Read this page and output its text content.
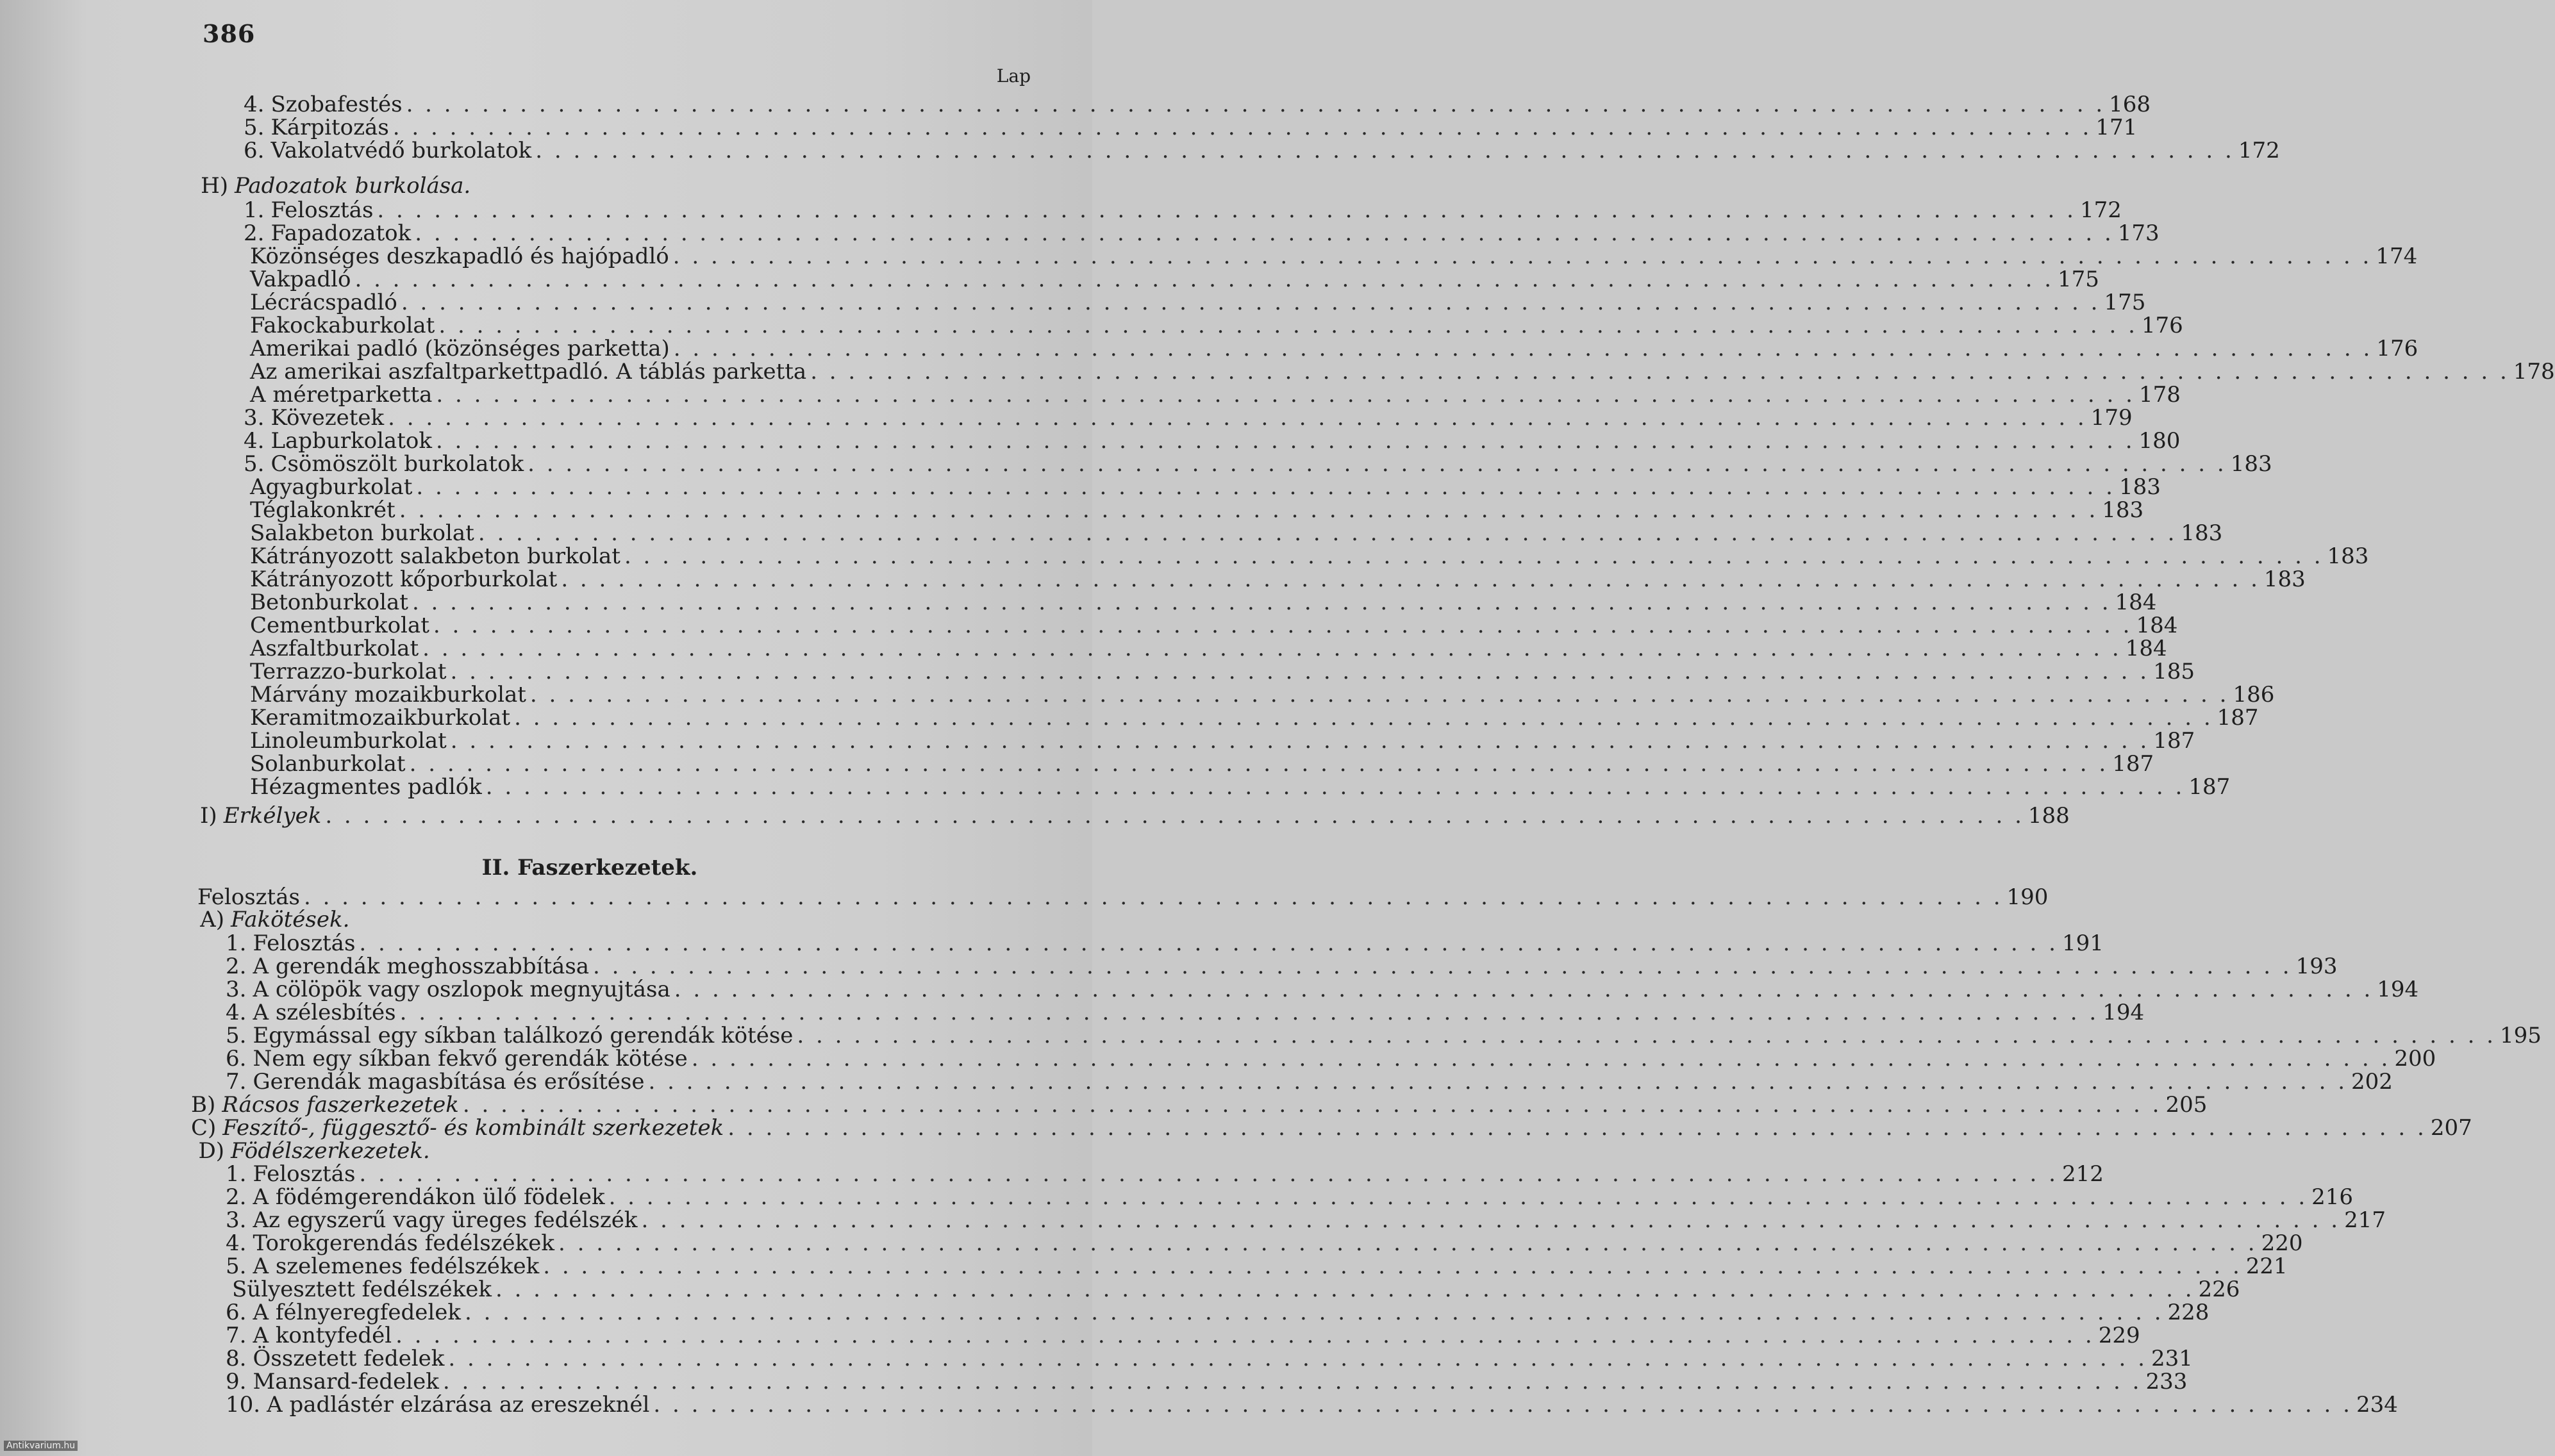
386
Lap
4. Szobafestés . . . . . . . . . . . . . . . . . . . . . . . . . . . . . . . . . . . . . . . . . . . . . . . . . . . . . . . . . . . . . . . . . . . . . . . . . . . . . . . . . . . . . . . . . . 168
5. Kárpitozás . . . . . . . . . . . . . . . . . . . . . . . . . . . . . . . . . . . . . . . . . . . . . . . . . . . . . . . . . . . . . . . . . . . . . . . . . . . . . . . . . . . . . . . . . . 171
6. Vakolatvédő burkolatok . . . . . . . . . . . . . . . . . . . . . . . . . . . . . . . . . . . . . . . . . . . . . . . . . . . . . . . . . . . . . . . . . . . . . . . . . . . . . . . . . . . . . . . . . . 172
H) Padozatok burkolása.
1. Felosztás . . . . . . . . . . . . . . . . . . . . . . . . . . . . . . . . . . . . . . . . . . . . . . . . . . . . . . . . . . . . . . . . . . . . . . . . . . . . . . . . . . . . . . . . . . 172
2. Fapadozatok . . . . . . . . . . . . . . . . . . . . . . . . . . . . . . . . . . . . . . . . . . . . . . . . . . . . . . . . . . . . . . . . . . . . . . . . . . . . . . . . . . . . . . . . . . 173
Közönséges deszkapadló és hajópadló . . . . . . . . . . . . . . . . . . . . . . . . . . . . . . . . . . . . . . . . . . . . . . . . . . . . . . . . . . . . . . . . . . . . . . . . . . . . . . . . . . . . . . . . . . 174
Vakpadló . . . . . . . . . . . . . . . . . . . . . . . . . . . . . . . . . . . . . . . . . . . . . . . . . . . . . . . . . . . . . . . . . . . . . . . . . . . . . . . . . . . . . . . . . . 175
Lécrácspadló . . . . . . . . . . . . . . . . . . . . . . . . . . . . . . . . . . . . . . . . . . . . . . . . . . . . . . . . . . . . . . . . . . . . . . . . . . . . . . . . . . . . . . . . . . 175
Fakockaburkolat . . . . . . . . . . . . . . . . . . . . . . . . . . . . . . . . . . . . . . . . . . . . . . . . . . . . . . . . . . . . . . . . . . . . . . . . . . . . . . . . . . . . . . . . . . 176
Amerikai padló (közönséges parketta) . . . . . . . . . . . . . . . . . . . . . . . . . . . . . . . . . . . . . . . . . . . . . . . . . . . . . . . . . . . . . . . . . . . . . . . . . . . . . . . . . . . . . . . . . . 176
Az amerikai aszfaltparkettpadló. A táblás parketta . . . . . . . . . . . . . . . . . . . . . . . . . . . . . . . . . . . . . . . . . . . . . . . . . . . . . . . . . . . . . . . . . . . . . . . . . . . . . . . . . . . . . . . . . . 178
A méretparketta . . . . . . . . . . . . . . . . . . . . . . . . . . . . . . . . . . . . . . . . . . . . . . . . . . . . . . . . . . . . . . . . . . . . . . . . . . . . . . . . . . . . . . . . . . 178
3. Kövezetek . . . . . . . . . . . . . . . . . . . . . . . . . . . . . . . . . . . . . . . . . . . . . . . . . . . . . . . . . . . . . . . . . . . . . . . . . . . . . . . . . . . . . . . . . . 179
4. Lapburkolatok . . . . . . . . . . . . . . . . . . . . . . . . . . . . . . . . . . . . . . . . . . . . . . . . . . . . . . . . . . . . . . . . . . . . . . . . . . . . . . . . . . . . . . . . . . 180
5. Csömöszölt burkolatok . . . . . . . . . . . . . . . . . . . . . . . . . . . . . . . . . . . . . . . . . . . . . . . . . . . . . . . . . . . . . . . . . . . . . . . . . . . . . . . . . . . . . . . . . . 183
Agyagburkolat . . . . . . . . . . . . . . . . . . . . . . . . . . . . . . . . . . . . . . . . . . . . . . . . . . . . . . . . . . . . . . . . . . . . . . . . . . . . . . . . . . . . . . . . . . 183
Téglakonkrét . . . . . . . . . . . . . . . . . . . . . . . . . . . . . . . . . . . . . . . . . . . . . . . . . . . . . . . . . . . . . . . . . . . . . . . . . . . . . . . . . . . . . . . . . . 183
Salakbeton burkolat . . . . . . . . . . . . . . . . . . . . . . . . . . . . . . . . . . . . . . . . . . . . . . . . . . . . . . . . . . . . . . . . . . . . . . . . . . . . . . . . . . . . . . . . . . 183
Kátrányozott salakbeton burkolat . . . . . . . . . . . . . . . . . . . . . . . . . . . . . . . . . . . . . . . . . . . . . . . . . . . . . . . . . . . . . . . . . . . . . . . . . . . . . . . . . . . . . . . . . . 183
Kátrányozott kőporburkolat . . . . . . . . . . . . . . . . . . . . . . . . . . . . . . . . . . . . . . . . . . . . . . . . . . . . . . . . . . . . . . . . . . . . . . . . . . . . . . . . . . . . . . . . . . 183
Betonburkolat . . . . . . . . . . . . . . . . . . . . . . . . . . . . . . . . . . . . . . . . . . . . . . . . . . . . . . . . . . . . . . . . . . . . . . . . . . . . . . . . . . . . . . . . . . 184
Cementburkolat . . . . . . . . . . . . . . . . . . . . . . . . . . . . . . . . . . . . . . . . . . . . . . . . . . . . . . . . . . . . . . . . . . . . . . . . . . . . . . . . . . . . . . . . . . 184
Aszfaltburkolat . . . . . . . . . . . . . . . . . . . . . . . . . . . . . . . . . . . . . . . . . . . . . . . . . . . . . . . . . . . . . . . . . . . . . . . . . . . . . . . . . . . . . . . . . . 184
Terrazzo-burkolat . . . . . . . . . . . . . . . . . . . . . . . . . . . . . . . . . . . . . . . . . . . . . . . . . . . . . . . . . . . . . . . . . . . . . . . . . . . . . . . . . . . . . . . . . . 185
Márvány mozaikburkolat . . . . . . . . . . . . . . . . . . . . . . . . . . . . . . . . . . . . . . . . . . . . . . . . . . . . . . . . . . . . . . . . . . . . . . . . . . . . . . . . . . . . . . . . . . 186
Keramitmozaikburkolat . . . . . . . . . . . . . . . . . . . . . . . . . . . . . . . . . . . . . . . . . . . . . . . . . . . . . . . . . . . . . . . . . . . . . . . . . . . . . . . . . . . . . . . . . . 187
Linoleumburkolat . . . . . . . . . . . . . . . . . . . . . . . . . . . . . . . . . . . . . . . . . . . . . . . . . . . . . . . . . . . . . . . . . . . . . . . . . . . . . . . . . . . . . . . . . . 187
Solanburkolat . . . . . . . . . . . . . . . . . . . . . . . . . . . . . . . . . . . . . . . . . . . . . . . . . . . . . . . . . . . . . . . . . . . . . . . . . . . . . . . . . . . . . . . . . . 187
Hézagmentes padlók . . . . . . . . . . . . . . . . . . . . . . . . . . . . . . . . . . . . . . . . . . . . . . . . . . . . . . . . . . . . . . . . . . . . . . . . . . . . . . . . . . . . . . . . . . 187
I) Erkélyek . . . . . . . . . . . . . . . . . . . . . . . . . . . . . . . . . . . . . . . . . . . . . . . . . . . . . . . . . . . . . . . . . . . . . . . . . . . . . . . . . . . . . . . . . . 188
II. Faszerkezetek.
Felosztás . . . . . . . . . . . . . . . . . . . . . . . . . . . . . . . . . . . . . . . . . . . . . . . . . . . . . . . . . . . . . . . . . . . . . . . . . . . . . . . . . . . . . . . . . . 190
A) Fakötések.
1. Felosztás . . . . . . . . . . . . . . . . . . . . . . . . . . . . . . . . . . . . . . . . . . . . . . . . . . . . . . . . . . . . . . . . . . . . . . . . . . . . . . . . . . . . . . . . . . 191
2. A gerendák meghosszabbítása . . . . . . . . . . . . . . . . . . . . . . . . . . . . . . . . . . . . . . . . . . . . . . . . . . . . . . . . . . . . . . . . . . . . . . . . . . . . . . . . . . . . . . . . . . 193
3. A cölöpök vagy oszlopok megnyujtása . . . . . . . . . . . . . . . . . . . . . . . . . . . . . . . . . . . . . . . . . . . . . . . . . . . . . . . . . . . . . . . . . . . . . . . . . . . . . . . . . . . . . . . . . . 194
4. A szélesbítés . . . . . . . . . . . . . . . . . . . . . . . . . . . . . . . . . . . . . . . . . . . . . . . . . . . . . . . . . . . . . . . . . . . . . . . . . . . . . . . . . . . . . . . . . . 194
5. Egymással egy síkban találkozó gerendák kötése . . . . . . . . . . . . . . . . . . . . . . . . . . . . . . . . . . . . . . . . . . . . . . . . . . . . . . . . . . . . . . . . . . . . . . . . . . . . . . . . . . . . . . . . . . 195
6. Nem egy síkban fekvő gerendák kötése . . . . . . . . . . . . . . . . . . . . . . . . . . . . . . . . . . . . . . . . . . . . . . . . . . . . . . . . . . . . . . . . . . . . . . . . . . . . . . . . . . . . . . . . . . 200
7. Gerendák magasbítása és erősítése . . . . . . . . . . . . . . . . . . . . . . . . . . . . . . . . . . . . . . . . . . . . . . . . . . . . . . . . . . . . . . . . . . . . . . . . . . . . . . . . . . . . . . . . . . 202
B) Rácsos faszerkezetek . . . . . . . . . . . . . . . . . . . . . . . . . . . . . . . . . . . . . . . . . . . . . . . . . . . . . . . . . . . . . . . . . . . . . . . . . . . . . . . . . . . . . . . . . . 205
C) Feszítő-, függesztő- és kombinált szerkezetek . . . . . . . . . . . . . . . . . . . . . . . . . . . . . . . . . . . . . . . . . . . . . . . . . . . . . . . . . . . . . . . . . . . . . . . . . . . . . . . . . . . . . . . . . . 207
D) Födélszerkezetek.
1. Felosztás . . . . . . . . . . . . . . . . . . . . . . . . . . . . . . . . . . . . . . . . . . . . . . . . . . . . . . . . . . . . . . . . . . . . . . . . . . . . . . . . . . . . . . . . . . 212
2. A födémgerendákon ülő födelek . . . . . . . . . . . . . . . . . . . . . . . . . . . . . . . . . . . . . . . . . . . . . . . . . . . . . . . . . . . . . . . . . . . . . . . . . . . . . . . . . . . . . . . . . . 216
3. Az egyszerű vagy üreges fedélszék . . . . . . . . . . . . . . . . . . . . . . . . . . . . . . . . . . . . . . . . . . . . . . . . . . . . . . . . . . . . . . . . . . . . . . . . . . . . . . . . . . . . . . . . . . 217
4. Torokgerendás fedélszékek . . . . . . . . . . . . . . . . . . . . . . . . . . . . . . . . . . . . . . . . . . . . . . . . . . . . . . . . . . . . . . . . . . . . . . . . . . . . . . . . . . . . . . . . . . 220
5. A szelemenes fedélszékek . . . . . . . . . . . . . . . . . . . . . . . . . . . . . . . . . . . . . . . . . . . . . . . . . . . . . . . . . . . . . . . . . . . . . . . . . . . . . . . . . . . . . . . . . . 221
Sülyesztett fedélszékek . . . . . . . . . . . . . . . . . . . . . . . . . . . . . . . . . . . . . . . . . . . . . . . . . . . . . . . . . . . . . . . . . . . . . . . . . . . . . . . . . . . . . . . . . . 226
6. A félnyeregfedelek . . . . . . . . . . . . . . . . . . . . . . . . . . . . . . . . . . . . . . . . . . . . . . . . . . . . . . . . . . . . . . . . . . . . . . . . . . . . . . . . . . . . . . . . . . 228
7. A kontyfedél . . . . . . . . . . . . . . . . . . . . . . . . . . . . . . . . . . . . . . . . . . . . . . . . . . . . . . . . . . . . . . . . . . . . . . . . . . . . . . . . . . . . . . . . . . 229
8. Összetett fedelek . . . . . . . . . . . . . . . . . . . . . . . . . . . . . . . . . . . . . . . . . . . . . . . . . . . . . . . . . . . . . . . . . . . . . . . . . . . . . . . . . . . . . . . . . . 231
9. Mansard-fedelek . . . . . . . . . . . . . . . . . . . . . . . . . . . . . . . . . . . . . . . . . . . . . . . . . . . . . . . . . . . . . . . . . . . . . . . . . . . . . . . . . . . . . . . . . . 233
10. A padlástér elzárása az ereszeknél . . . . . . . . . . . . . . . . . . . . . . . . . . . . . . . . . . . . . . . . . . . . . . . . . . . . . . . . . . . . . . . . . . . . . . . . . . . . . . . . . . . . . . . . . . 234
Antikvarium.hu
